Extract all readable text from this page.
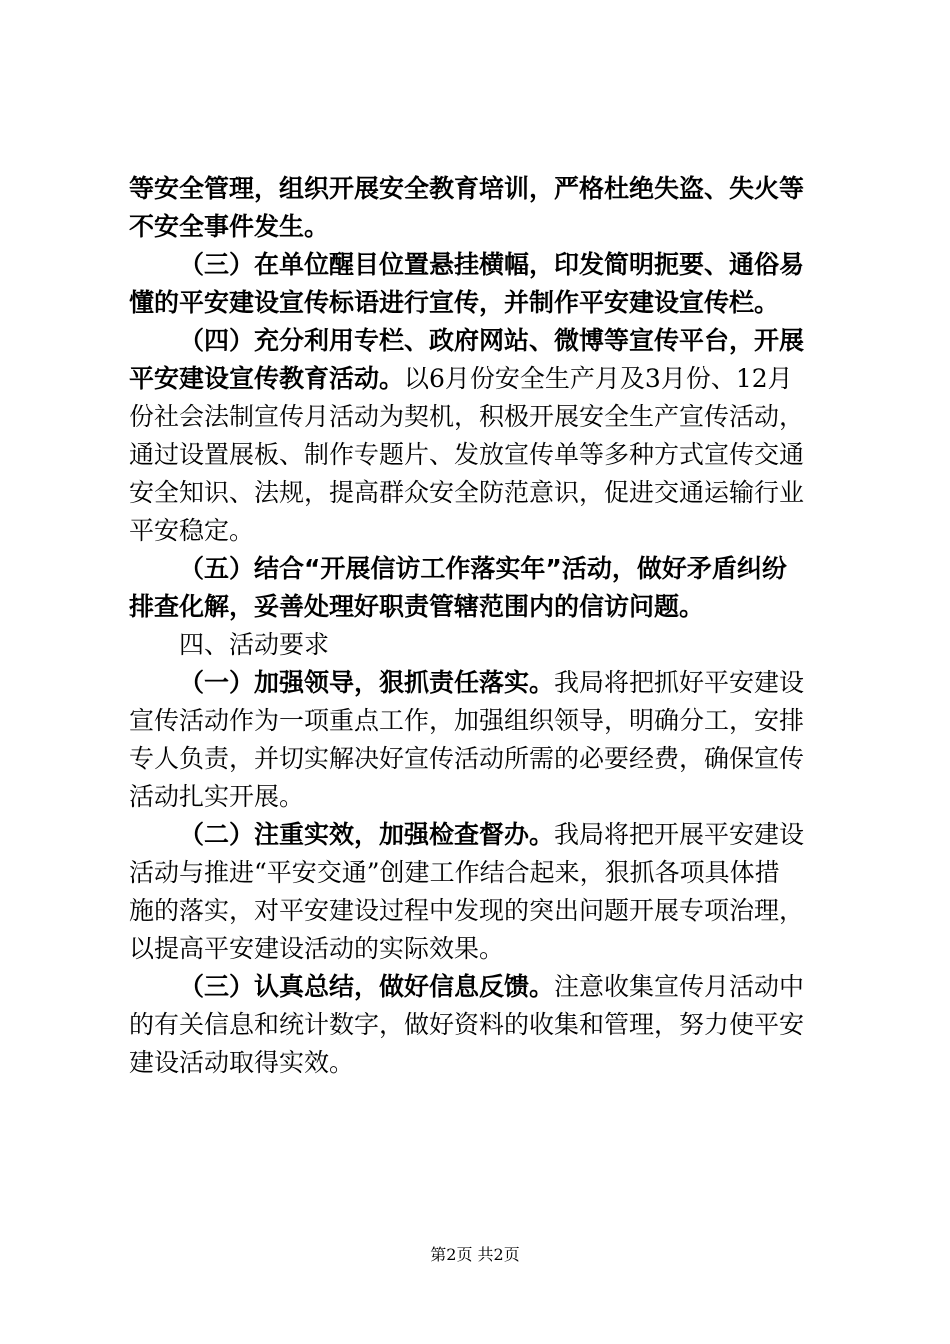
等安全管理，组织开展安全教育培训，严格杜绝失盗、失火等
不安全事件发生。
（三）在单位醒目位置悬挂横幅，印发简明扼要、通俗易
懂的平安建设宣传标语进行宣传，并制作平安建设宣传栏。
（四）充分利用专栏、政府网站、微博等宣传平台，开展
平安建设宣传教育活动。以6月份安全生产月及3月份、12月
份社会法制宣传月活动为契机，积极开展安全生产宣传活动，
通过设置展板、制作专题片、发放宣传单等多种方式宣传交通
安全知识、法规，提高群众安全防范意识，促进交通运输行业
平安稳定。
（五）结合“开展信访工作落实年”活动，做好矛盾纠纷
排查化解，妥善处理好职责管辖范围内的信访问题。
四、活动要求
（一）加强领导，狠抓责任落实。我局将把抓好平安建设
宣传活动作为一项重点工作，加强组织领导，明确分工，安排
专人负责，并切实解决好宣传活动所需的必要经费，确保宣传
活动扎实开展。
（二）注重实效，加强检查督办。我局将把开展平安建设
活动与推进“平安交通”创建工作结合起来，狠抓各项具体措
施的落实，对平安建设过程中发现的突出问题开展专项治理，
以提高平安建设活动的实际效果。
（三）认真总结，做好信息反馈。注意收集宣传月活动中
的有关信息和统计数字，做好资料的收集和管理，努力使平安
建设活动取得实效。
第2页 共2页
